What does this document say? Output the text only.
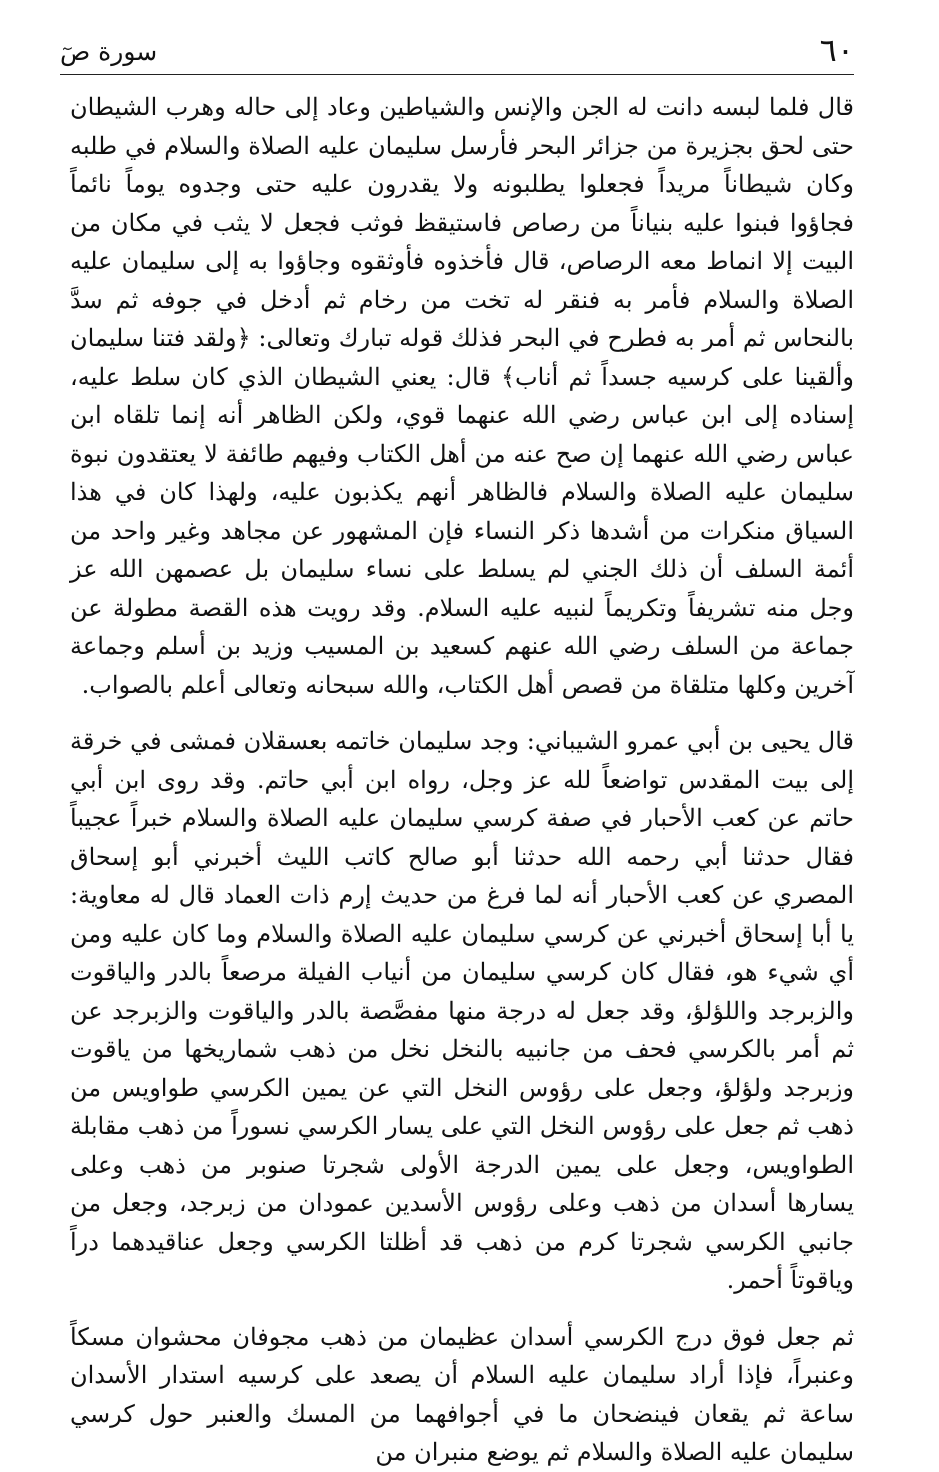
٦٠
سورة صٓ

قال فلما لبسه دانت له الجن والإنس والشياطين وعاد إلى حاله وهرب الشيطان حتى لحق بجزيرة من جزائر البحر فأرسل سليمان عليه الصلاة والسلام في طلبه وكان شيطاناً مريداً فجعلوا يطلبونه ولا يقدرون عليه حتى وجدوه يوماً نائماً فجاؤوا فبنوا عليه بنياناً من رصاص فاستيقظ فوثب فجعل لا يثب في مكان من البيت إلا انماط معه الرصاص، قال فأخذوه فأوثقوه وجاؤوا به إلى سليمان عليه الصلاة والسلام فأمر به فنقر له تخت من رخام ثم أدخل في جوفه ثم سدَّ بالنحاس ثم أمر به فطرح في البحر فذلك قوله تبارك وتعالى: ﴿ولقد فتنا سليمان وألقينا على كرسيه جسداً ثم أناب﴾ قال: يعني الشيطان الذي كان سلط عليه، إسناده إلى ابن عباس رضي الله عنهما قوي، ولكن الظاهر أنه إنما تلقاه ابن عباس رضي الله عنهما إن صح عنه من أهل الكتاب وفيهم طائفة لا يعتقدون نبوة سليمان عليه الصلاة والسلام فالظاهر أنهم يكذبون عليه، ولهذا كان في هذا السياق منكرات من أشدها ذكر النساء فإن المشهور عن مجاهد وغير واحد من أئمة السلف أن ذلك الجني لم يسلط على نساء سليمان بل عصمهن الله عز وجل منه تشريفاً وتكريماً لنبيه عليه السلام. وقد رويت هذه القصة مطولة عن جماعة من السلف رضي الله عنهم كسعيد بن المسيب وزيد بن أسلم وجماعة آخرين وكلها متلقاة من قصص أهل الكتاب، والله سبحانه وتعالى أعلم بالصواب.

قال يحيى بن أبي عمرو الشيباني: وجد سليمان خاتمه بعسقلان فمشى في خرقة إلى بيت المقدس تواضعاً لله عز وجل، رواه ابن أبي حاتم. وقد روى ابن أبي حاتم عن كعب الأحبار في صفة كرسي سليمان عليه الصلاة والسلام خبراً عجيباً فقال حدثنا أبي رحمه الله حدثنا أبو صالح كاتب الليث أخبرني أبو إسحاق المصري عن كعب الأحبار أنه لما فرغ من حديث إرم ذات العماد قال له معاوية: يا أبا إسحاق أخبرني عن كرسي سليمان عليه الصلاة والسلام وما كان عليه ومن أي شيء هو، فقال كان كرسي سليمان من أنياب الفيلة مرصعاً بالدر والياقوت والزبرجد واللؤلؤ، وقد جعل له درجة منها مفصَّصة بالدر والياقوت والزبرجد عن ثم أمر بالكرسي فحف من جانبيه بالنخل نخل من ذهب شماريخها من ياقوت وزبرجد ولؤلؤ، وجعل على رؤوس النخل التي عن يمين الكرسي طواويس من ذهب ثم جعل على رؤوس النخل التي على يسار الكرسي نسوراً من ذهب مقابلة الطواويس، وجعل على يمين الدرجة الأولى شجرتا صنوبر من ذهب وعلى يسارها أسدان من ذهب وعلى رؤوس الأسدين عمودان من زبرجد، وجعل من جانبي الكرسي شجرتا كرم من ذهب قد أظلتا الكرسي وجعل عناقيدهما دراً وياقوتاً أحمر.

ثم جعل فوق درج الكرسي أسدان عظيمان من ذهب مجوفان محشوان مسكاً وعنبراً، فإذا أراد سليمان عليه السلام أن يصعد على كرسيه استدار الأسدان ساعة ثم يقعان فينضحان ما في أجوافهما من المسك والعنبر حول كرسي سليمان عليه الصلاة والسلام ثم يوضع منبران من
